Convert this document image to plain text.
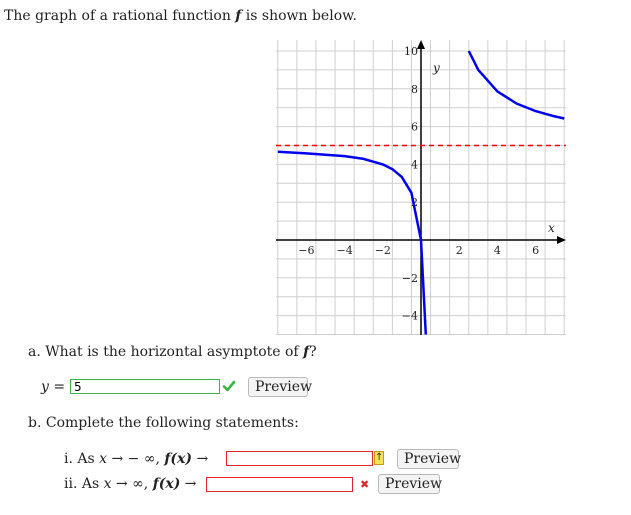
The graph of a rational function f is shown below.
−6 −4 −2	2	4	6
10
8
6
4
2
−2
−4
x
y
a. What is the horizontal asymptote of f?
y =
5	Preview
b. Complete the following statements:
i. As x → − ∞, f(x) →	↑	Preview
ii. As x → ∞, f(x) →	✖	Preview
